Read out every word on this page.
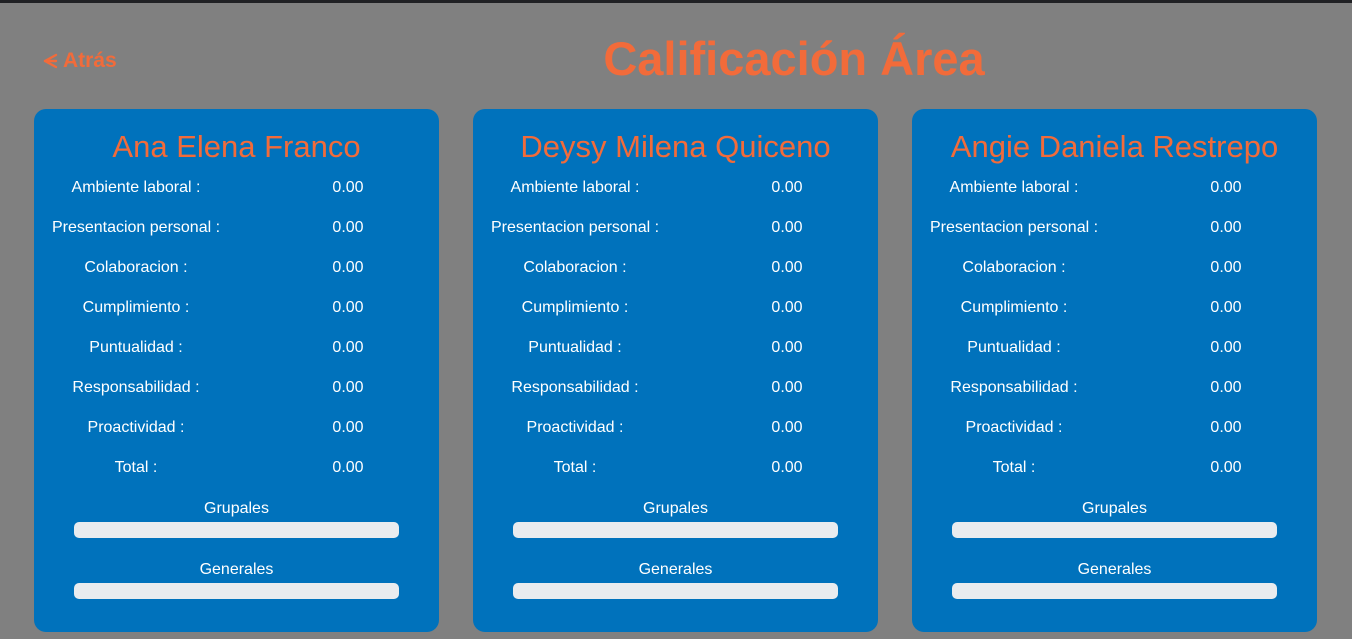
Atrás	Calificación Área
Ana Elena Franco
Ambiente laboral :	0.00
Presentacion personal :	0.00
Colaboracion :	0.00
Cumplimiento :	0.00
Puntualidad :	0.00
Responsabilidad :	0.00
Proactividad :	0.00
Total :	0.00
Grupales
Generales
Deysy Milena Quiceno
Ambiente laboral :	0.00
Presentacion personal :	0.00
Colaboracion :	0.00
Cumplimiento :	0.00
Puntualidad :	0.00
Responsabilidad :	0.00
Proactividad :	0.00
Total :	0.00
Grupales
Generales
Angie Daniela Restrepo
Ambiente laboral :	0.00
Presentacion personal :	0.00
Colaboracion :	0.00
Cumplimiento :	0.00
Puntualidad :	0.00
Responsabilidad :	0.00
Proactividad :	0.00
Total :	0.00
Grupales
Generales
